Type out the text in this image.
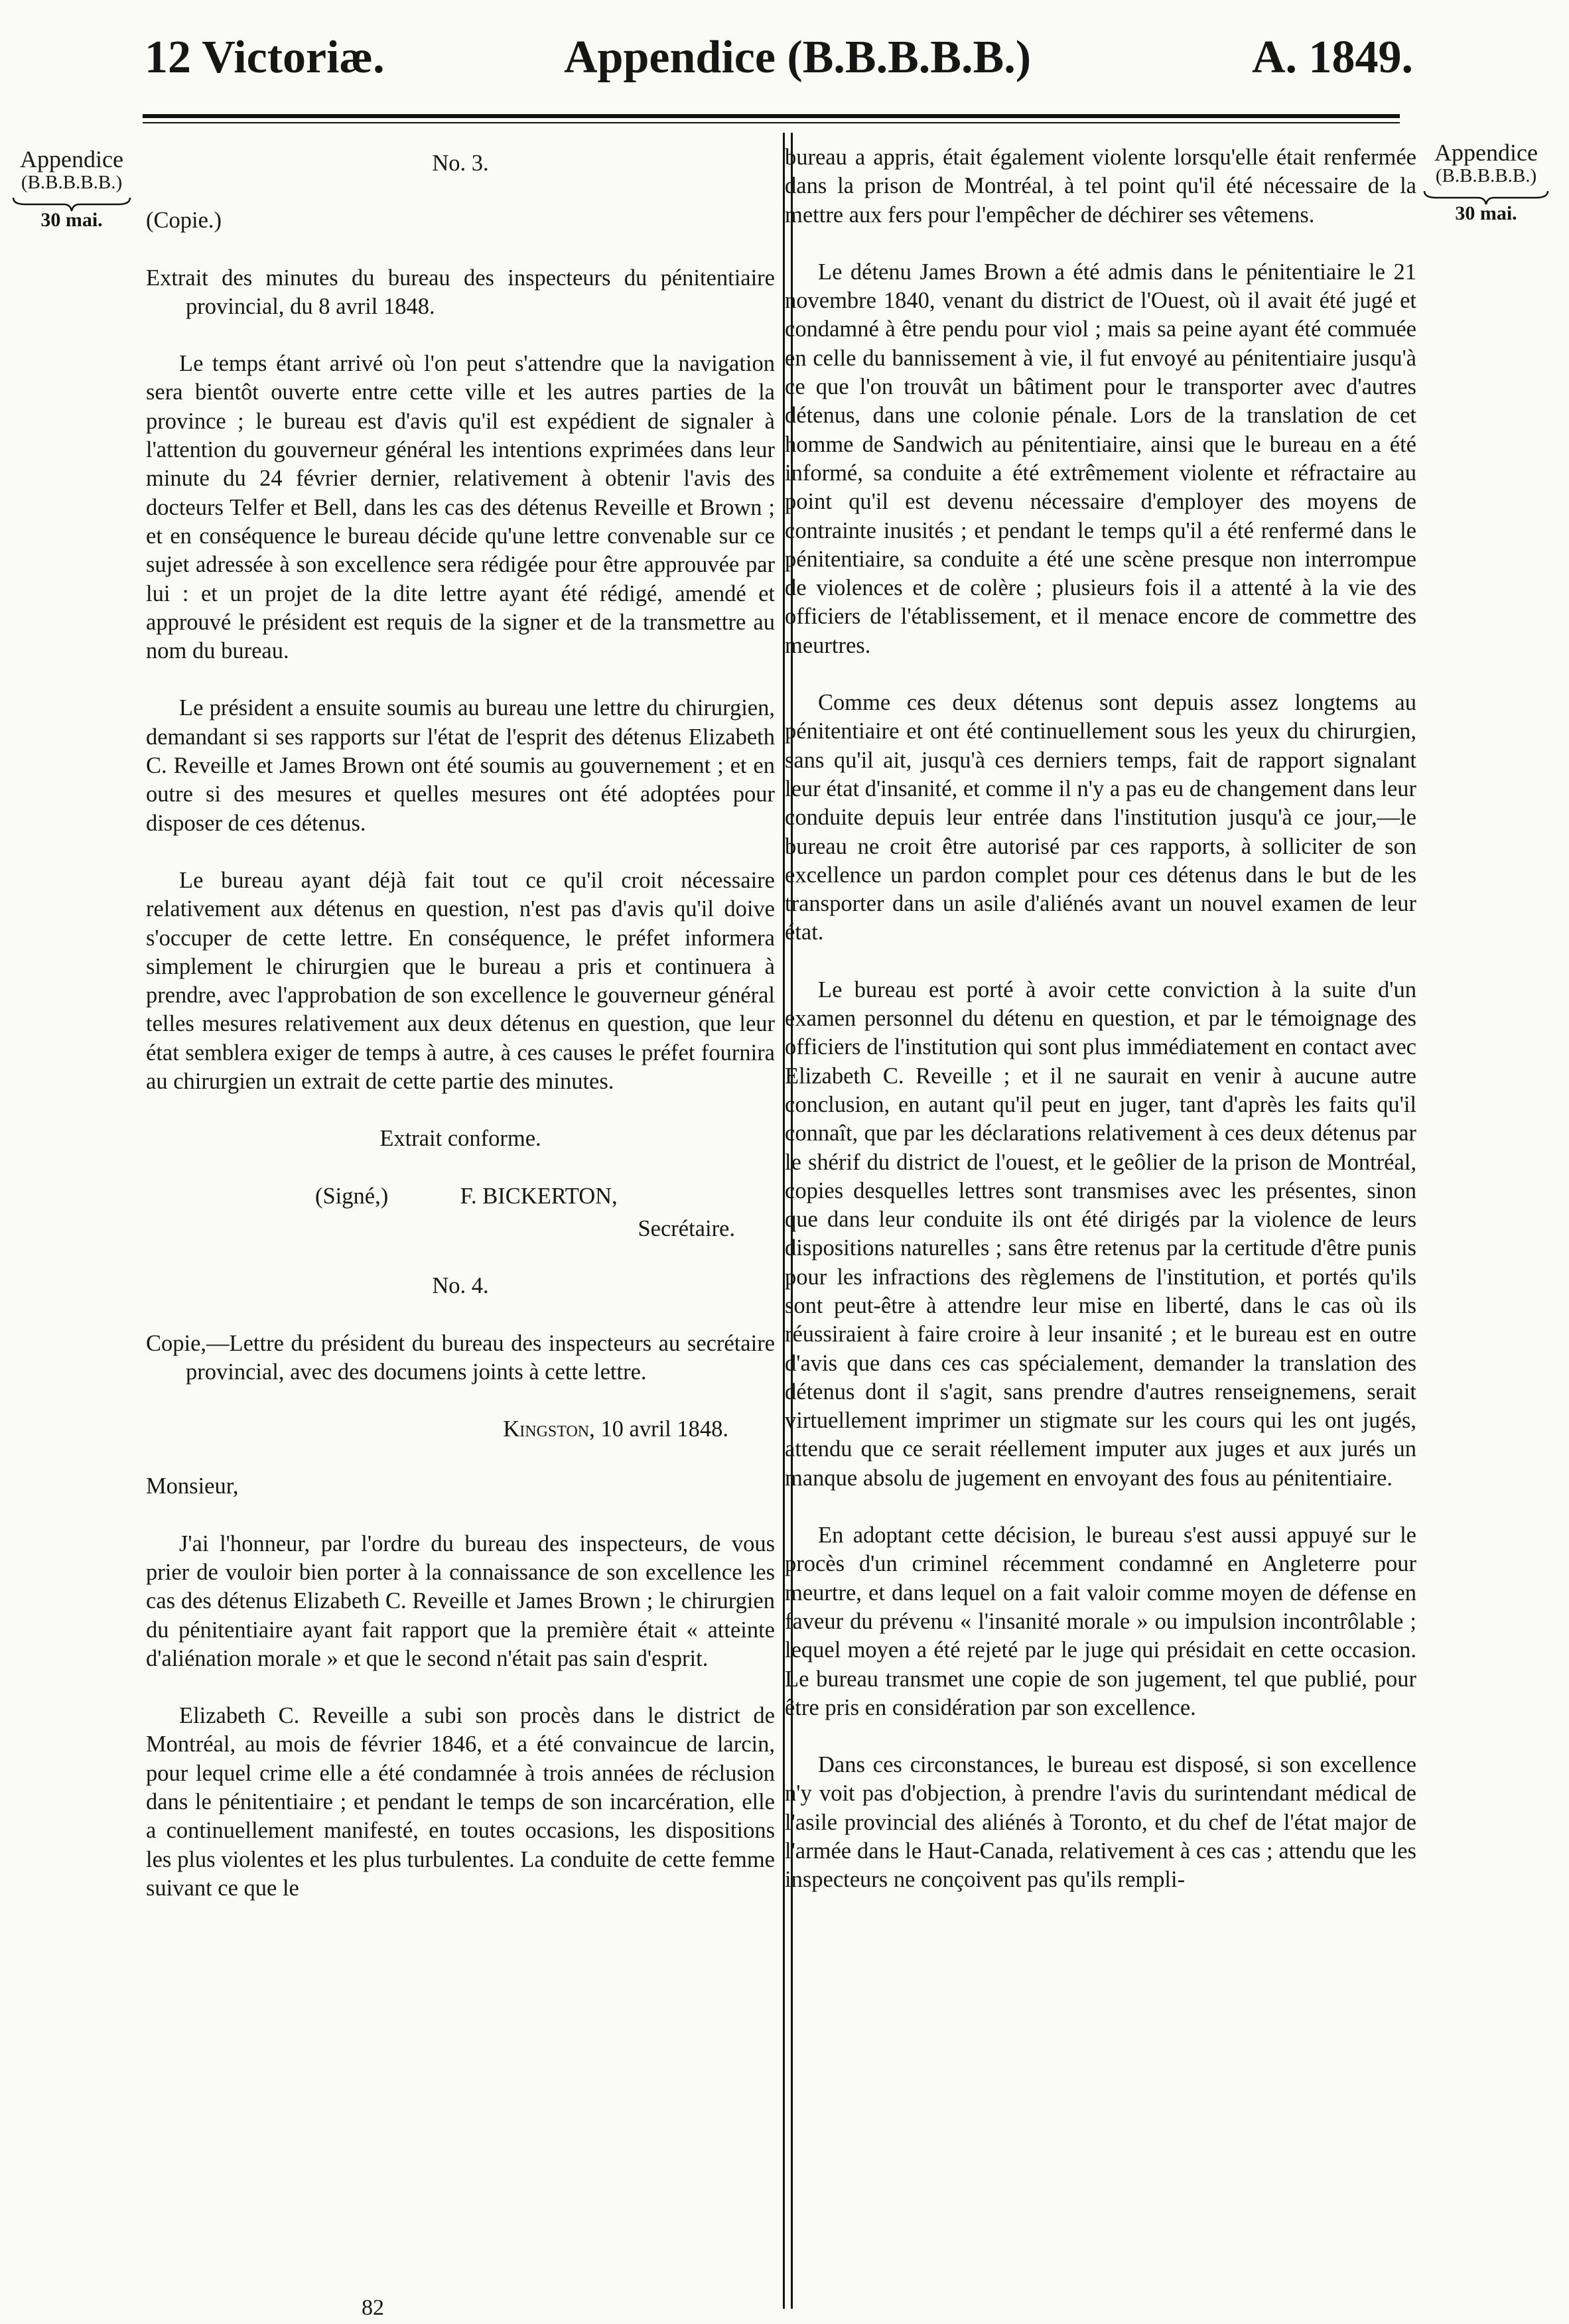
12 Victoriæ.	Appendice (B.B.B.B.B.)	A. 1849.
Appendice
(B.B.B.B.B.)
30 mai.
Appendice
(B.B.B.B.B.)
30 mai.

No. 3.

(Copie.)

Extrait des minutes du bureau des inspecteurs du pénitentiaire provincial, du 8 avril 1848.

Le temps étant arrivé où l'on peut s'attendre que la navigation sera bientôt ouverte entre cette ville et les autres parties de la province ; le bureau est d'avis qu'il est expédient de signaler à l'attention du gouverneur général les intentions exprimées dans leur minute du 24 février dernier, relativement à obtenir l'avis des docteurs Telfer et Bell, dans les cas des détenus Reveille et Brown ; et en conséquence le bureau décide qu'une lettre convenable sur ce sujet adressée à son excellence sera rédigée pour être approuvée par lui : et un projet de la dite lettre ayant été rédigé, amendé et approuvé le président est requis de la signer et de la transmettre au nom du bureau.

Le président a ensuite soumis au bureau une lettre du chirurgien, demandant si ses rapports sur l'état de l'esprit des détenus Elizabeth C. Reveille et James Brown ont été soumis au gouvernement ; et en outre si des mesures et quelles mesures ont été adoptées pour disposer de ces détenus.

Le bureau ayant déjà fait tout ce qu'il croit nécessaire relativement aux détenus en question, n'est pas d'avis qu'il doive s'occuper de cette lettre. En conséquence, le préfet informera simplement le chirurgien que le bureau a pris et continuera à prendre, avec l'approbation de son excellence le gouverneur général telles mesures relativement aux deux détenus en question, que leur état semblera exiger de temps à autre, à ces causes le préfet fournira au chirurgien un extrait de cette partie des minutes.

Extrait conforme.

(Signé,)	F. BICKERTON,

Secrétaire.

No. 4.

Copie,—Lettre du président du bureau des inspecteurs au secrétaire provincial, avec des documens joints à cette lettre.

Kingston, 10 avril 1848.

Monsieur,

J'ai l'honneur, par l'ordre du bureau des inspecteurs, de vous prier de vouloir bien porter à la connaissance de son excellence les cas des détenus Elizabeth C. Reveille et James Brown ; le chirurgien du pénitentiaire ayant fait rapport que la première était « atteinte d'aliénation morale » et que le second n'était pas sain d'esprit.

Elizabeth C. Reveille a subi son procès dans le district de Montréal, au mois de février 1846, et a été convaincue de larcin, pour lequel crime elle a été condamnée à trois années de réclusion dans le pénitentiaire ; et pendant le temps de son incarcération, elle a continuellement manifesté, en toutes occasions, les dispositions les plus violentes et les plus turbulentes. La conduite de cette femme suivant ce que le

82

bureau a appris, était également violente lorsqu'elle était renfermée dans la prison de Montréal, à tel point qu'il été nécessaire de la mettre aux fers pour l'empêcher de déchirer ses vêtemens.

Le détenu James Brown a été admis dans le pénitentiaire le 21 novembre 1840, venant du district de l'Ouest, où il avait été jugé et condamné à être pendu pour viol ; mais sa peine ayant été commuée en celle du bannissement à vie, il fut envoyé au pénitentiaire jusqu'à ce que l'on trouvât un bâtiment pour le transporter avec d'autres détenus, dans une colonie pénale. Lors de la translation de cet homme de Sandwich au pénitentiaire, ainsi que le bureau en a été informé, sa conduite a été extrêmement violente et réfractaire au point qu'il est devenu nécessaire d'employer des moyens de contrainte inusités ; et pendant le temps qu'il a été renfermé dans le pénitentiaire, sa conduite a été une scène presque non interrompue de violences et de colère ; plusieurs fois il a attenté à la vie des officiers de l'établissement, et il menace encore de commettre des meurtres.

Comme ces deux détenus sont depuis assez longtems au pénitentiaire et ont été continuellement sous les yeux du chirurgien, sans qu'il ait, jusqu'à ces derniers temps, fait de rapport signalant leur état d'insanité, et comme il n'y a pas eu de changement dans leur conduite depuis leur entrée dans l'institution jusqu'à ce jour,—le bureau ne croit être autorisé par ces rapports, à solliciter de son excellence un pardon complet pour ces détenus dans le but de les transporter dans un asile d'aliénés avant un nouvel examen de leur état.

Le bureau est porté à avoir cette conviction à la suite d'un examen personnel du détenu en question, et par le témoignage des officiers de l'institution qui sont plus immédiatement en contact avec Elizabeth C. Reveille ; et il ne saurait en venir à aucune autre conclusion, en autant qu'il peut en juger, tant d'après les faits qu'il connaît, que par les déclarations relativement à ces deux détenus par le shérif du district de l'ouest, et le geôlier de la prison de Montréal, copies desquelles lettres sont transmises avec les présentes, sinon que dans leur conduite ils ont été dirigés par la violence de leurs dispositions naturelles ; sans être retenus par la certitude d'être punis pour les infractions des règlemens de l'institution, et portés qu'ils sont peut-être à attendre leur mise en liberté, dans le cas où ils réussiraient à faire croire à leur insanité ; et le bureau est en outre d'avis que dans ces cas spécialement, demander la translation des détenus dont il s'agit, sans prendre d'autres renseignemens, serait virtuellement imprimer un stigmate sur les cours qui les ont jugés, attendu que ce serait réellement imputer aux juges et aux jurés un manque absolu de jugement en envoyant des fous au pénitentiaire.

En adoptant cette décision, le bureau s'est aussi appuyé sur le procès d'un criminel récemment condamné en Angleterre pour meurtre, et dans lequel on a fait valoir comme moyen de défense en faveur du prévenu « l'insanité morale » ou impulsion incontrôlable ; lequel moyen a été rejeté par le juge qui présidait en cette occasion. Le bureau transmet une copie de son jugement, tel que publié, pour être pris en considération par son excellence.

Dans ces circonstances, le bureau est disposé, si son excellence n'y voit pas d'objection, à prendre l'avis du surintendant médical de l'asile provincial des aliénés à Toronto, et du chef de l'état major de l'armée dans le Haut-Canada, relativement à ces cas ; attendu que les inspecteurs ne conçoivent pas qu'ils rempli-
